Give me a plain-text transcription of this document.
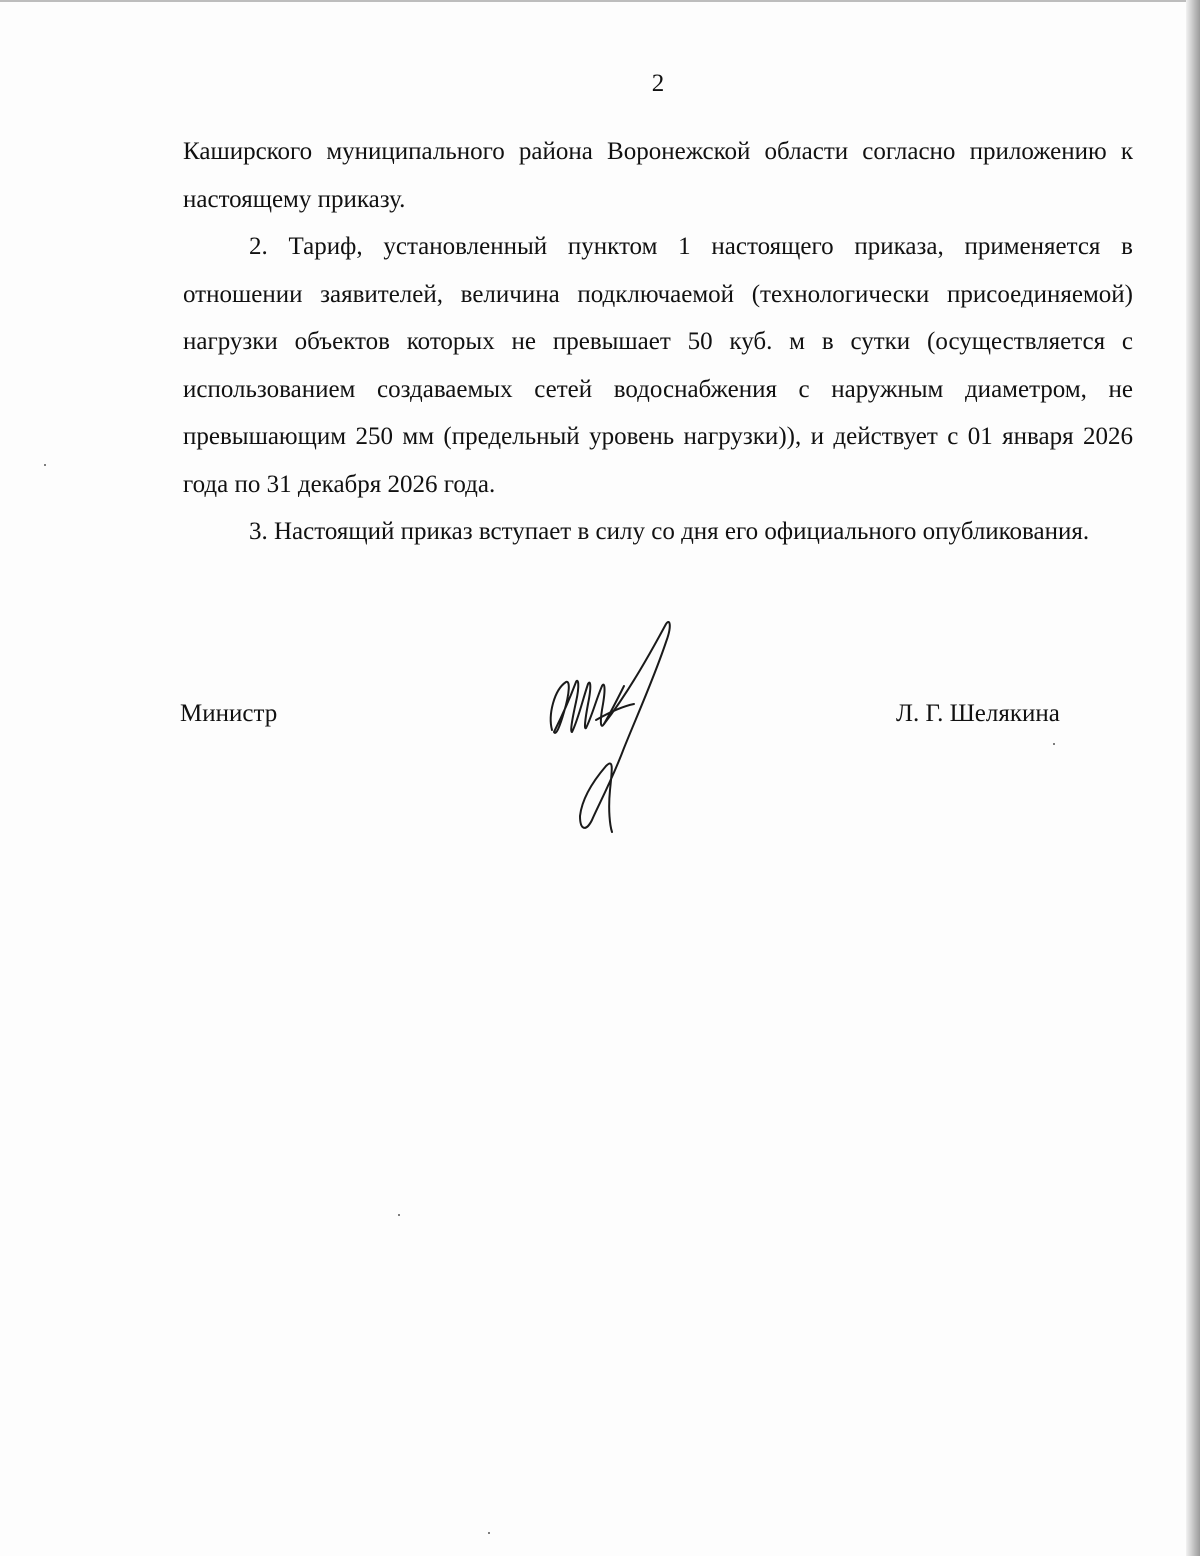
2

Каширского муниципального района Воронежской области согласно приложению к настоящему приказу.

2. Тариф, установленный пунктом 1 настоящего приказа, применяется в отношении заявителей, величина подключаемой (технологически присоединяемой) нагрузки объектов которых не превышает 50 куб. м в сутки (осуществляется с использованием создаваемых сетей водоснабжения с наружным диаметром, не превышающим 250 мм (предельный уровень нагрузки)), и действует с 01 января 2026 года по 31 декабря 2026 года.

3. Настоящий приказ вступает в силу со дня его официального опубликования.

Министр	Л. Г. Шелякина
